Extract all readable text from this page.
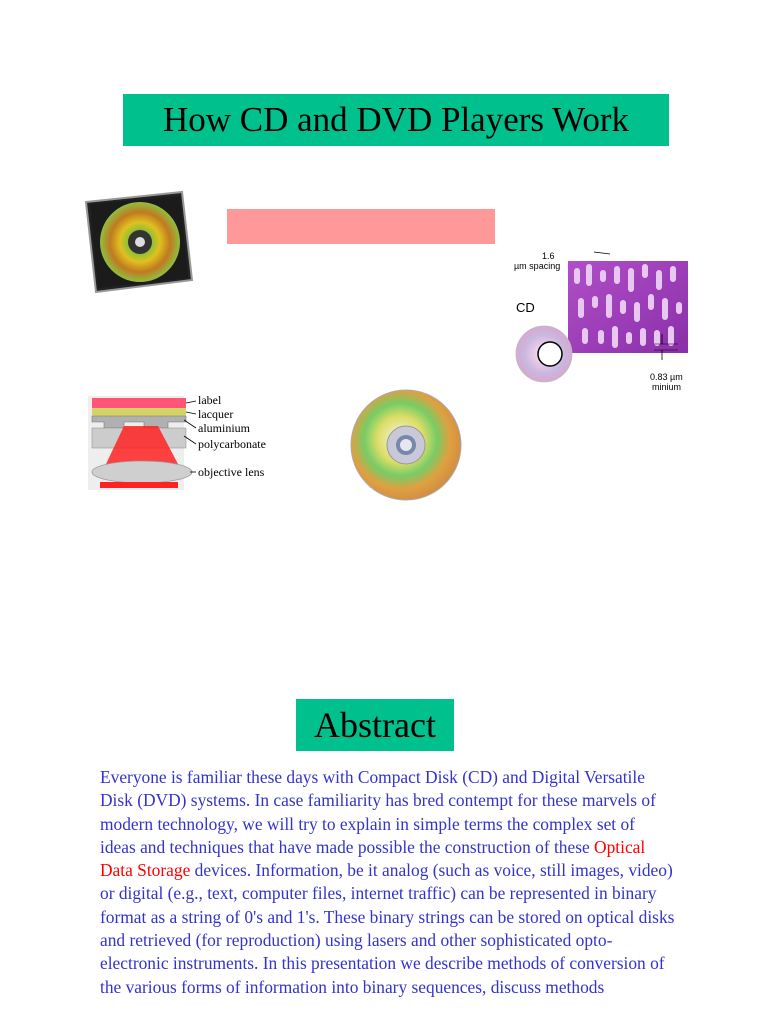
How CD and DVD Players Work
1.6
µm spacing
CD
0.83 µm
minium
label
lacquer
aluminium
polycarbonate
objective lens
Abstract
Everyone is familiar these days with Compact Disk (CD) and Digital Versatile Disk (DVD) systems. In case familiarity has bred contempt for these marvels of modern technology, we will try to explain in simple terms the complex set of ideas and techniques that have made possible the construction of these Optical Data Storage devices. Information, be it analog (such as voice, still images, video) or digital (e.g., text, computer files, internet traffic) can be represented in binary format as a string of 0's and 1's. These binary strings can be stored on optical disks and retrieved (for reproduction) using lasers and other sophisticated opto-electronic instruments. In this presentation we describe methods of conversion of the various forms of information into binary sequences, discuss methods
